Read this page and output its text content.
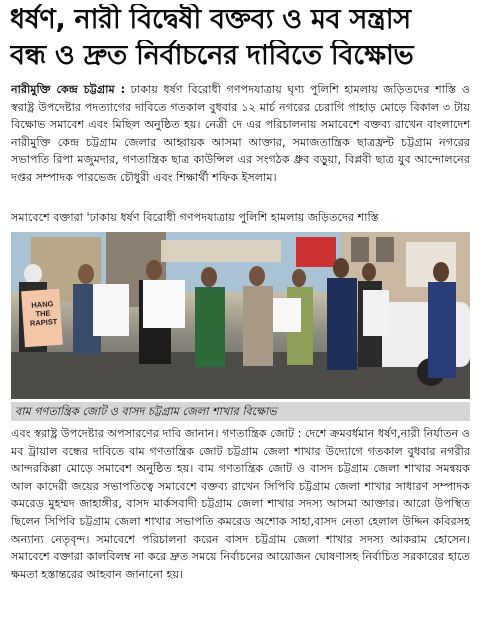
ধর্ষণ, নারী বিদ্বেষী বক্তব্য ও মব সন্ত্রাস
বন্ধ ও দ্রুত নির্বাচনের দাবিতে বিক্ষোভ

নারীমুক্তি কেন্দ্র চট্টগ্রাম : ঢাকায় ধর্ষণ বিরোধী গণপদযাত্রায় ঘৃণ্য পুলিশি হামলায় জড়িতদের শাস্তি ও স্বরাষ্ট্র উপদেষ্টার পদত্যাগের দাবিতে গতকাল বুধবার ১২ মার্চ নগরের চেরাগি পাহাড় মোড়ে বিকাল ৩ টায় বিক্ষোভ সমাবেশ এবং মিছিল অনুষ্ঠিত হয়। নেত্রী দে এর পরিচালনায় সমাবেশে বক্তব্য রাখেন বাংলাদেশ নারীমুক্তি কেন্দ্র চট্টগ্রাম জেলার আহ্বায়ক আসমা আক্তার, সমাজতান্ত্রিক ছাত্রফ্রন্ট চট্টগ্রাম নগরের সভাপতি রিপা মজুমদার, গণতান্ত্রিক ছাত্র কাউন্সিল এর সংগঠক ধ্রুব বড়ুয়া, বিপ্লবী ছাত্র যুব আন্দোলনের দপ্তর সম্পাদক পারভেজ চৌধুরী এবং শিক্ষার্থী শফিক ইসলাম।

সমাবেশে বক্তারা 'ঢাকায় ধর্ষণ বিরোধী গণপদযাত্রায় পুলিশি হামলায় জড়িতদের শাস্তি

HANG THE RAPIST
বাম গণতান্ত্রিক জোট ও বাসদ চট্টগ্রাম জেলা শাখার বিক্ষোভ

এবং স্বরাষ্ট্র উপদেষ্টার অপসারণের দাবি জানান। গণতান্ত্রিক জোট : দেশে ক্রমবর্ধমান ধর্ষণ,নারী নির্যাতন ও মব ট্রায়াল বন্ধের দাবিতে বাম গণতান্ত্রিক জোট চট্টগ্রাম জেলা শাখার উদ্যোগে গতকাল বুধবার নগরীর আন্দরকিল্লা মোড়ে সমাবেশ অনুষ্ঠিত হয়। বাম গণতান্ত্রিক জোট ও বাসদ চট্টগ্রাম জেলা শাখার সমন্বয়ক আল কাদেরী জয়ের সভাপতিত্বে সমাবেশে বক্তব্য রাখেন সিপিবি চট্টগ্রাম জেলা শাখার সাধারণ সম্পাদক কমরেড মুহম্মদ জাহাঙ্গীর, বাসদ মার্কসবাদী চট্টগ্রাম জেলা শাখার সদস্য আসমা আক্তার। আরো উপস্থিত ছিলেন সিপিবি চট্টগ্রাম জেলা শাখার সভাপতি কমরেড অশোক সাহা,বাসদ নেতা হেলাল উদ্দিন কবিরসহ অন্যান্য নেতৃবৃন্দ। সমাবেশে পরিচালনা করেন বাসদ চট্টগ্রাম জেলা শাখার সদস্য আকরাম হোসেন। সমাবেশে বক্তারা কালবিলম্ব না করে দ্রুত সময়ে নির্বাচনের আয়োজন ঘোষণাসহ নির্বাচিত সরকারের হাতে ক্ষমতা হস্তান্তরের আহবান জানানো হয়।
